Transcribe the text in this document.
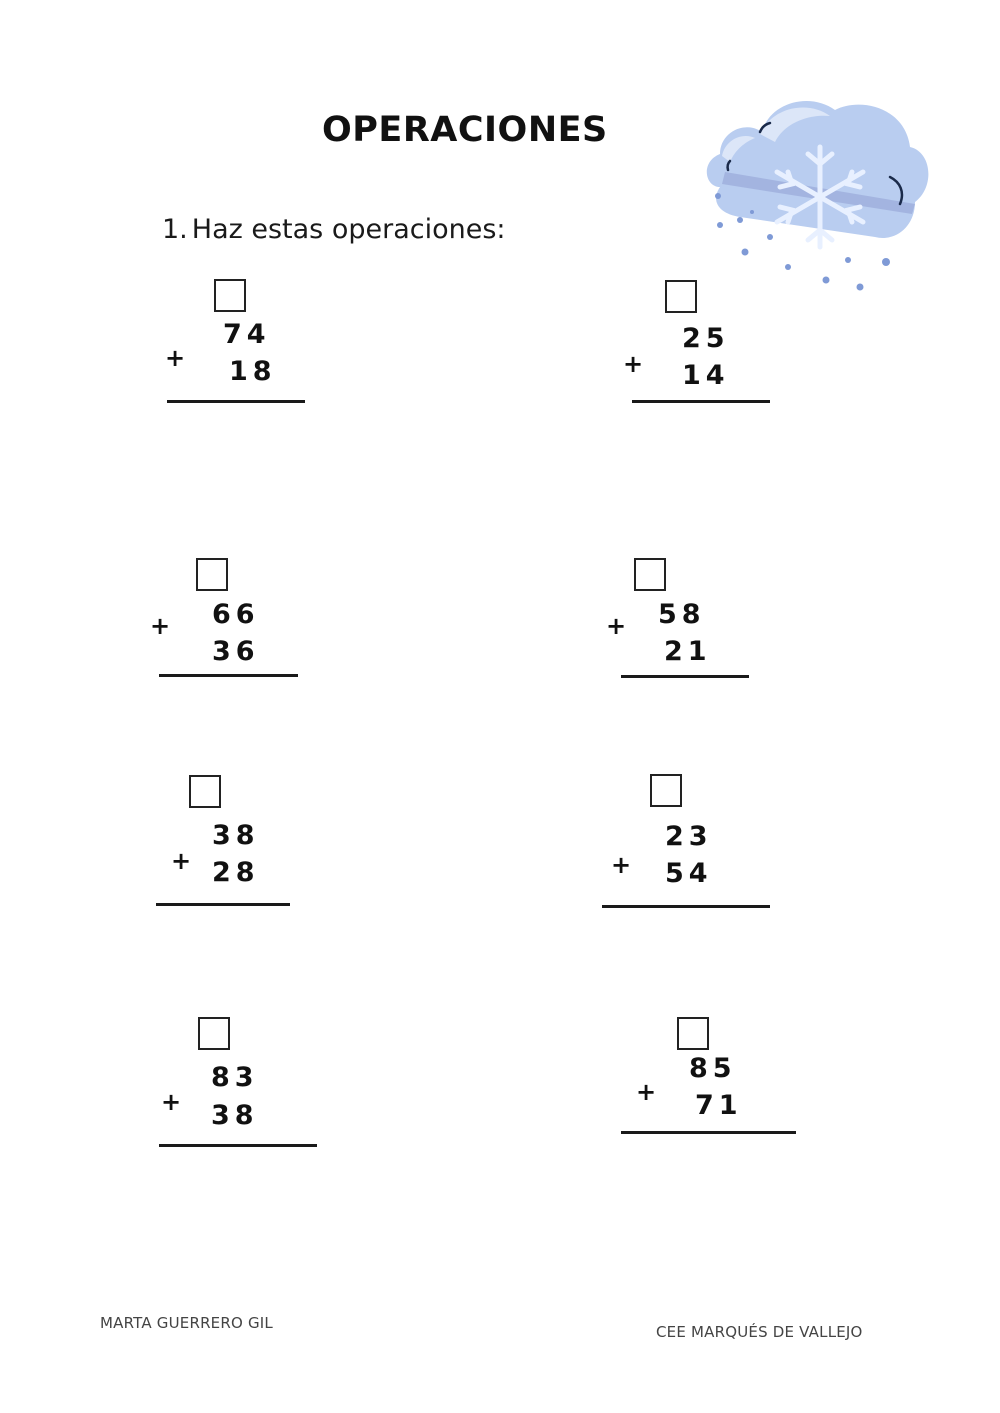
OPERACIONES

1. Haz estas operaciones:

74
+ 18
25
+ 14
66
+
36
58
+
21
38
+ 28
23
+ 54
83
+ 38
85
+ 71

MARTA GUERRERO GIL	CEE MARQUÉS DE VALLEJO
